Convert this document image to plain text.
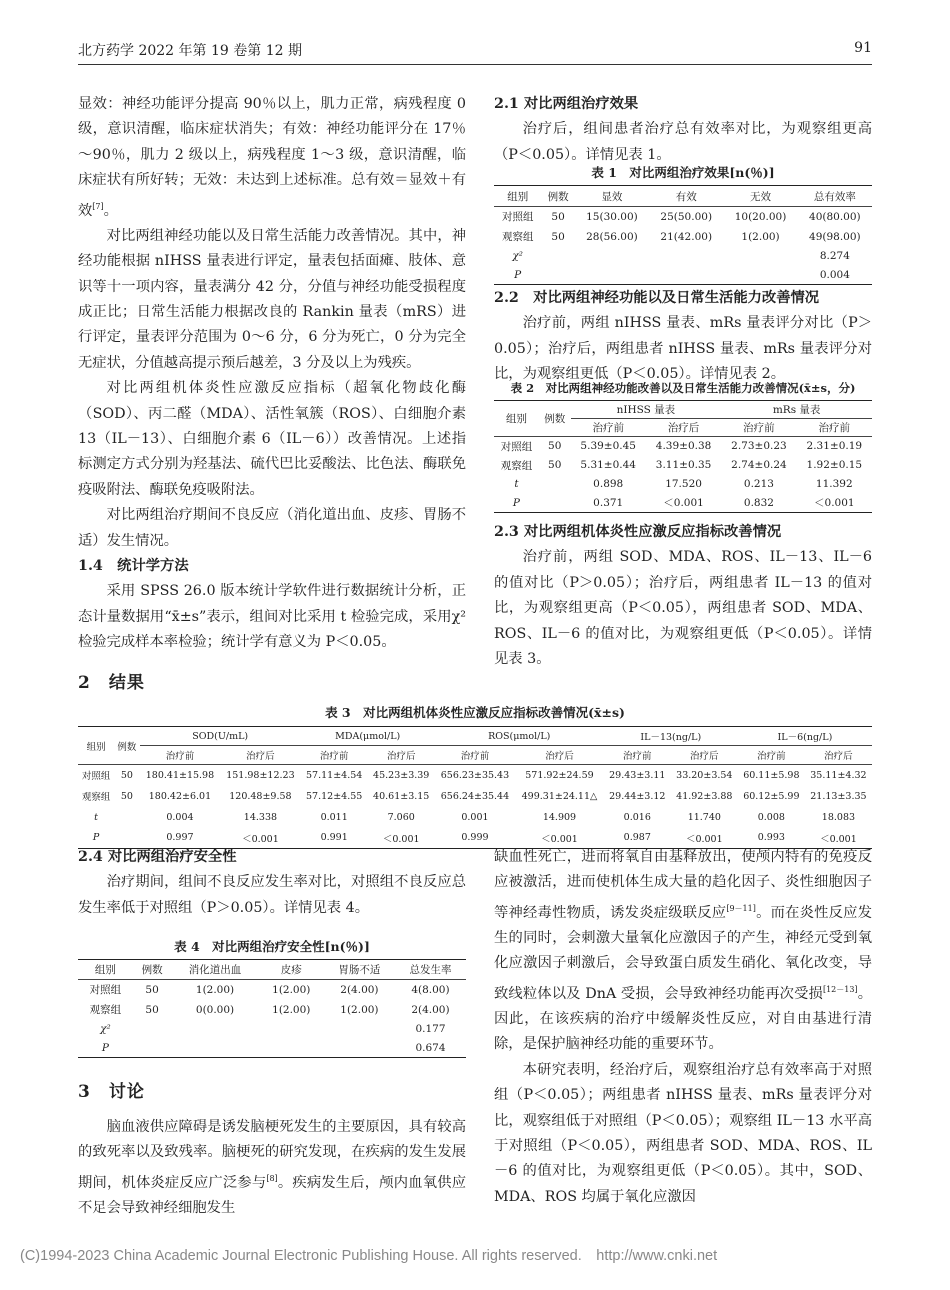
北方药学 2022 年第 19 卷第 12 期	91

显效：神经功能评分提高 90％以上，肌力正常，病残程度 0 级，意识清醒，临床症状消失；有效：神经功能评分在 17％～90％，肌力 2 级以上，病残程度 1～3 级，意识清醒，临床症状有所好转；无效：未达到上述标准。总有效＝显效＋有效[7]。

对比两组神经功能以及日常生活能力改善情况。其中，神经功能根据 nIHSS 量表进行评定，量表包括面瘫、肢体、意识等十一项内容，量表满分 42 分，分值与神经功能受损程度成正比；日常生活能力根据改良的 Rankin 量表（mRS）进行评定，量表评分范围为 0～6 分，6 分为死亡，0 分为完全无症状，分值越高提示预后越差，3 分及以上为残疾。

对比两组机体炎性应激反应指标（超氧化物歧化酶（SOD）、丙二醛（MDA）、活性氧簇（ROS）、白细胞介素 13（IL－13）、白细胞介素 6（IL－6））改善情况。上述指标测定方式分别为羟基法、硫代巴比妥酸法、比色法、酶联免疫吸附法、酶联免疫吸附法。

对比两组治疗期间不良反应（消化道出血、皮疹、胃肠不适）发生情况。

1.4　统计学方法

采用 SPSS 26.0 版本统计学软件进行数据统计分析，正态计量数据用“x̄±s”表示，组间对比采用 t 检验完成，采用χ² 检验完成样本率检验；统计学有意义为 P＜0.05。

2　结果

2.1 对比两组治疗效果

治疗后，组间患者治疗总有效率对比，为观察组更高（P＜0.05）。详情见表 1。

表 1　对比两组治疗效果[n(％)]
组别	例数	显效	有效	无效	总有效率
对照组	50	15(30.00)	25(50.00)	10(20.00)	40(80.00)
观察组	50	28(56.00)	21(42.00)	1(2.00)	49(98.00)
χ²					8.274
P					0.004

2.2　对比两组神经功能以及日常生活能力改善情况

治疗前，两组 nIHSS 量表、mRs 量表评分对比（P＞0.05）；治疗后，两组患者 nIHSS 量表、mRs 量表评分对比，为观察组更低（P＜0.05）。详情见表 2。

表 2　对比两组神经功能改善以及日常生活能力改善情况(x̄±s，分)
组别	例数	nIHSS 量表		mRs 量表	
		治疗前	治疗后	治疗前	治疗前
对照组	50	5.39±0.45	4.39±0.38	2.73±0.23	2.31±0.19
观察组	50	5.31±0.44	3.11±0.35	2.74±0.24	1.92±0.15
t		0.898	17.520	0.213	11.392
P		0.371	＜0.001	0.832	＜0.001

2.3 对比两组机体炎性应激反应指标改善情况

治疗前，两组 SOD、MDA、ROS、IL－13、IL－6 的值对比（P＞0.05）；治疗后，两组患者 IL－13 的值对比，为观察组更高（P＜0.05），两组患者 SOD、MDA、ROS、IL－6 的值对比，为观察组更低（P＜0.05）。详情见表 3。

表 3　对比两组机体炎性应激反应指标改善情况(x̄±s)
组别	例数	SOD(U/mL)		MDA(μmol/L)		ROS(μmol/L)		IL－13(ng/L)		IL－6(ng/L)	
		治疗前	治疗后	治疗前	治疗后	治疗前	治疗后	治疗前	治疗后	治疗前	治疗后
对照组	50	180.41±15.98	151.98±12.23	57.11±4.54	45.23±3.39	656.23±35.43	571.92±24.59	29.43±3.11	33.20±3.54	60.11±5.98	35.11±4.32
观察组	50	180.42±6.01	120.48±9.58	57.12±4.55	40.61±3.15	656.24±35.44	499.31±24.11△	29.44±3.12	41.92±3.88	60.12±5.99	21.13±3.35
t		0.004	14.338	0.011	7.060	0.001	14.909	0.016	11.740	0.008	18.083
P		0.997	＜0.001	0.991	＜0.001	0.999	＜0.001	0.987	＜0.001	0.993	＜0.001

2.4 对比两组治疗安全性

治疗期间，组间不良反应发生率对比，对照组不良反应总发生率低于对照组（P＞0.05）。详情见表 4。

表 4　对比两组治疗安全性[n(％)]
组别	例数	消化道出血	皮疹	胃肠不适	总发生率
对照组	50	1(2.00)	1(2.00)	2(4.00)	4(8.00)
观察组	50	0(0.00)	1(2.00)	1(2.00)	2(4.00)
χ²					0.177
P					0.674
3　讨论

脑血液供应障碍是诱发脑梗死发生的主要原因，具有较高的致死率以及致残率。脑梗死的研究发现，在疾病的发生发展期间，机体炎症反应广泛参与[8]。疾病发生后，颅内血氧供应不足会导致神经细胞发生

缺血性死亡，进而将氧自由基释放出，使颅内特有的免疫反应被激活，进而使机体生成大量的趋化因子、炎性细胞因子等神经毒性物质，诱发炎症级联反应[9－11]。而在炎性反应发生的同时，会刺激大量氧化应激因子的产生，神经元受到氧化应激因子刺激后，会导致蛋白质发生硝化、氧化改变，导致线粒体以及 DnA 受损，会导致神经功能再次受损[12－13]。因此，在该疾病的治疗中缓解炎性反应，对自由基进行清除，是保护脑神经功能的重要环节。

本研究表明，经治疗后，观察组治疗总有效率高于对照组（P＜0.05）；两组患者 nIHSS 量表、mRs 量表评分对比，观察组低于对照组（P＜0.05）；观察组 IL－13 水平高于对照组（P＜0.05），两组患者 SOD、MDA、ROS、IL－6 的值对比，为观察组更低（P＜0.05）。其中，SOD、MDA、ROS 均属于氧化应激因

(C)1994-2023 China Academic Journal Electronic Publishing House. All rights reserved.　http://www.cnki.net
